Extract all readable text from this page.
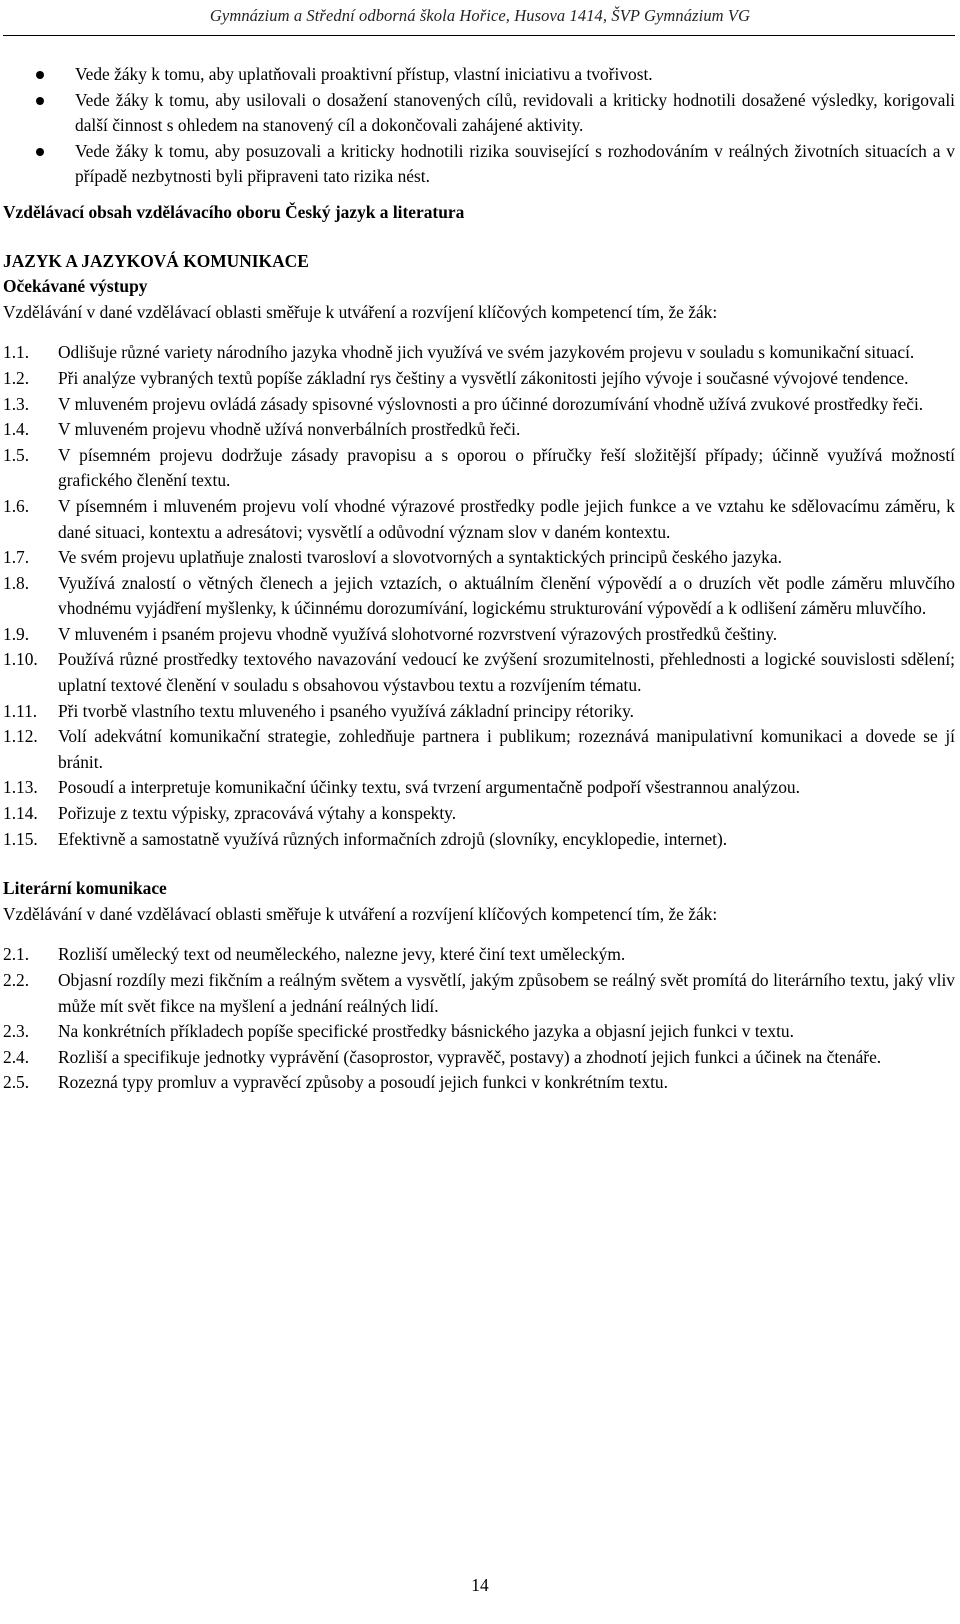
Gymnázium a Střední odborná škola Hořice, Husova 1414, ŠVP Gymnázium VG
Vede žáky k tomu, aby uplatňovali proaktivní přístup, vlastní iniciativu a tvořivost.
Vede žáky k tomu, aby usilovali o dosažení stanovených cílů, revidovali a kriticky hodnotili dosažené výsledky, korigovali další činnost s ohledem na stanovený cíl a dokončovali zahájené aktivity.
Vede žáky k tomu, aby posuzovali a kriticky hodnotili rizika související s rozhodováním v reálných životních situacích a v případě nezbytnosti byli připraveni tato rizika nést.
Vzdělávací obsah vzdělávacího oboru Český jazyk a literatura
JAZYK A JAZYKOVÁ KOMUNIKACE
Očekávané výstupy

Vzdělávání v dané vzdělávací oblasti směřuje k utváření a rozvíjení klíčových kompetencí tím, že žák:

1.1. Odlišuje různé variety národního jazyka vhodně jich využívá ve svém jazykovém projevu v souladu s komunikační situací.
1.2. Při analýze vybraných textů popíše základní rys češtiny a vysvětlí zákonitosti jejího vývoje i současné vývojové tendence.
1.3. V mluveném projevu ovládá zásady spisovné výslovnosti a pro účinné dorozumívání vhodně užívá zvukové prostředky řeči.
1.4. V mluveném projevu vhodně užívá nonverbálních prostředků řeči.
1.5. V písemném projevu dodržuje zásady pravopisu a s oporou o příručky řeší složitější případy; účinně využívá možností grafického členění textu.
1.6. V písemném i mluveném projevu volí vhodné výrazové prostředky podle jejich funkce a ve vztahu ke sdělovacímu záměru, k dané situaci, kontextu a adresátovi; vysvětlí a odůvodní význam slov v daném kontextu.
1.7. Ve svém projevu uplatňuje znalosti tvarosloví a slovotvorných a syntaktických principů českého jazyka.
1.8. Využívá znalostí o větných členech a jejich vztazích, o aktuálním členění výpovědí a o druzích vět podle záměru mluvčího vhodnému vyjádření myšlenky, k účinnému dorozumívání, logickému strukturování výpovědí a k odlišení záměru mluvčího.
1.9. V mluveném i psaném projevu vhodně využívá slohotvorné rozvrstvení výrazových prostředků češtiny.
1.10. Používá různé prostředky textového navazování vedoucí ke zvýšení srozumitelnosti, přehlednosti a logické souvislosti sdělení; uplatní textové členění v souladu s obsahovou výstavbou textu a rozvíjením tématu.
1.11. Při tvorbě vlastního textu mluveného i psaného využívá základní principy rétoriky.
1.12. Volí adekvátní komunikační strategie, zohledňuje partnera i publikum; rozeznává manipulativní komunikaci a dovede se jí bránit.
1.13. Posoudí a interpretuje komunikační účinky textu, svá tvrzení argumentačně podpoří všestrannou analýzou.
1.14. Pořizuje z textu výpisky, zpracovává výtahy a konspekty.
1.15. Efektivně a samostatně využívá různých informačních zdrojů (slovníky, encyklopedie, internet).
Literární komunikace

Vzdělávání v dané vzdělávací oblasti směřuje k utváření a rozvíjení klíčových kompetencí tím, že žák:

2.1. Rozliší umělecký text od neuměleckého, nalezne jevy, které činí text uměleckým.
2.2. Objasní rozdíly mezi fikčním a reálným světem a vysvětlí, jakým způsobem se reálný svět promítá do literárního textu, jaký vliv může mít svět fikce na myšlení a jednání reálných lidí.
2.3. Na konkrétních příkladech popíše specifické prostředky básnického jazyka a objasní jejich funkci v textu.
2.4. Rozliší a specifikuje jednotky vyprávění (časoprostor, vypravěč, postavy) a zhodnotí jejich funkci a účinek na čtenáře.
2.5. Rozezná typy promluv a vypravěcí způsoby a posoudí jejich funkci v konkrétním textu.
14
